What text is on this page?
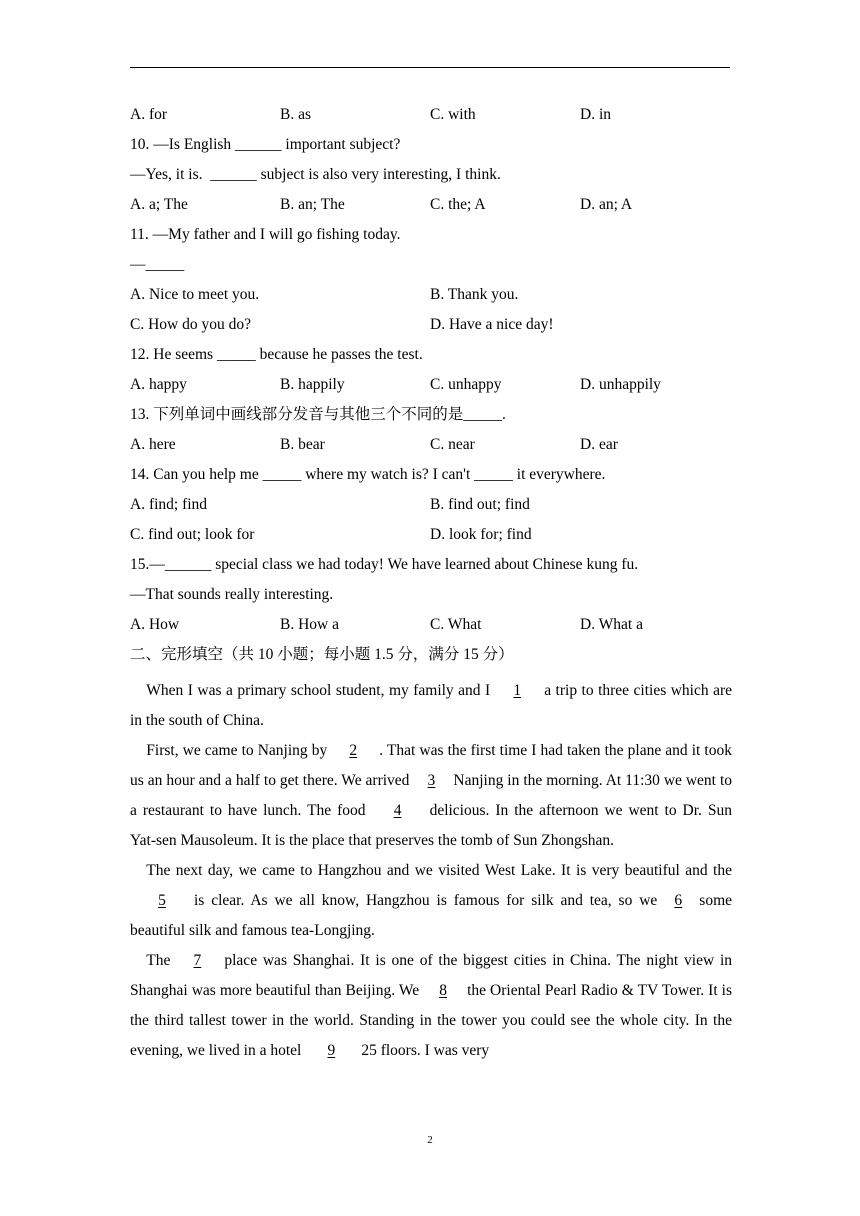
A. for	B. as	C. with	D. in
10. —Is English ______ important subject?
—Yes, it is.  ______ subject is also very interesting, I think.
A. a; The	B. an; The	C. the; A	D. an; A
11. —My father and I will go fishing today.
—_____
A. Nice to meet you.	B. Thank you.
C. How do you do?	D. Have a nice day!
12. He seems _____ because he passes the test.
A. happy	B. happily	C. unhappy	D. unhappily
13. 下列单词中画线部分发音与其他三个不同的是_____.
A. here	B. bear	C. near	D. ear
14. Can you help me _____ where my watch is? I can't _____ it everywhere.
A. find; find	B. find out; find
C. find out; look for	D. look for; find
15.—______ special class we had today! We have learned about Chinese kung fu.
—That sounds really interesting.
A. How	B. How a	C. What	D. What a
二、完形填空（共 10 小题；每小题 1.5 分，满分 15 分）
When I was a primary school student, my family and I 1 a trip to three cities which are in the south of China.
First, we came to Nanjing by 2 . That was the first time I had taken the plane and it took us an hour and a half to get there. We arrived 3 Nanjing in the morning. At 11:30 we went to a restaurant to have lunch. The food 4 delicious. In the afternoon we went to Dr. Sun Yat-sen Mausoleum. It is the place that preserves the tomb of Sun Zhongshan.
The next day, we came to Hangzhou and we visited West Lake. It is very beautiful and the5 is clear. As we all know, Hangzhou is famous for silk and tea, so we 6 some beautiful silk and famous tea-Longjing.
The 7 place was Shanghai. It is one of the biggest cities in China. The night view in Shanghai was more beautiful than Beijing. We 8 the Oriental Pearl Radio & TV Tower. It is the third tallest tower in the world. Standing in the tower you could see the whole city. In the evening, we lived in a hotel 9 25 floors. I was very
2
